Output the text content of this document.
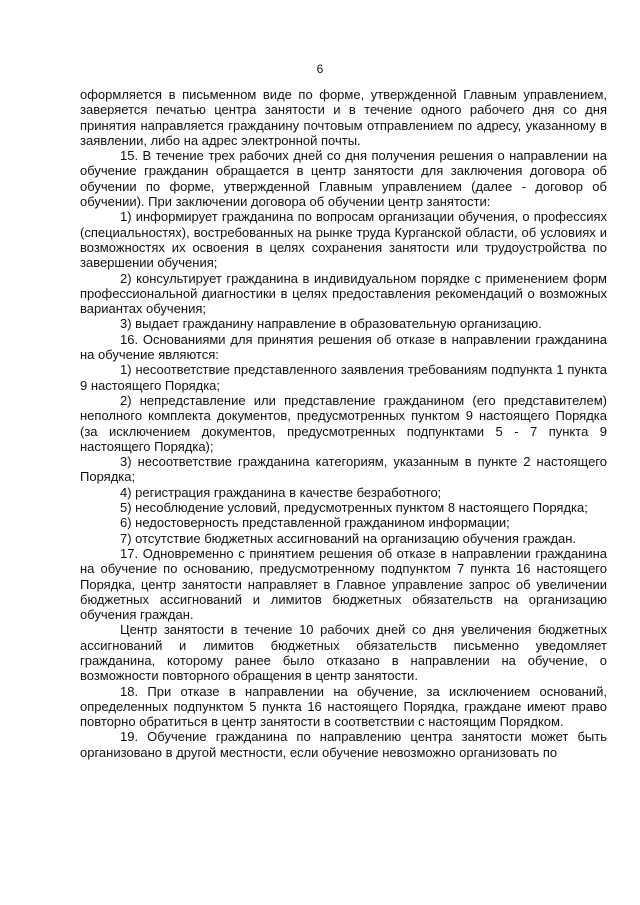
6

оформляется в письменном виде по форме, утвержденной Главным управлением, заверяется печатью центра занятости и в течение одного рабочего дня со дня принятия направляется гражданину почтовым отправлением по адресу, указанному в заявлении, либо на адрес электронной почты.

15. В течение трех рабочих дней со дня получения решения о направлении на обучение гражданин обращается в центр занятости для заключения договора об обучении по форме, утвержденной Главным управлением (далее - договор об обучении). При заключении договора об обучении центр занятости:

1) информирует гражданина по вопросам организации обучения, о профессиях (специальностях), востребованных на рынке труда Курганской области, об условиях и возможностях их освоения в целях сохранения занятости или трудоустройства по завершении обучения;

2) консультирует гражданина в индивидуальном порядке с применением форм профессиональной диагностики в целях предоставления рекомендаций о возможных вариантах обучения;

3) выдает гражданину направление в образовательную организацию.

16. Основаниями для принятия решения об отказе в направлении гражданина на обучение являются:

1) несоответствие представленного заявления требованиям подпункта 1 пункта 9 настоящего Порядка;

2) непредставление или представление гражданином (его представителем) неполного комплекта документов, предусмотренных пунктом 9 настоящего Порядка (за исключением документов, предусмотренных подпунктами 5 - 7 пункта 9 настоящего Порядка);

3) несоответствие гражданина категориям, указанным в пункте 2 настоящего Порядка;

4) регистрация гражданина в качестве безработного;

5) несоблюдение условий, предусмотренных пунктом 8 настоящего Порядка;

6) недостоверность представленной гражданином информации;

7) отсутствие бюджетных ассигнований на организацию обучения граждан.

17. Одновременно с принятием решения об отказе в направлении гражданина на обучение по основанию, предусмотренному подпунктом 7 пункта 16 настоящего Порядка, центр занятости направляет в Главное управление запрос об увеличении бюджетных ассигнований и лимитов бюджетных обязательств на организацию обучения граждан.

Центр занятости в течение 10 рабочих дней со дня увеличения бюджетных ассигнований и лимитов бюджетных обязательств письменно уведомляет гражданина, которому ранее было отказано в направлении на обучение, о возможности повторного обращения в центр занятости.

18. При отказе в направлении на обучение, за исключением оснований, определенных подпунктом 5 пункта 16 настоящего Порядка, граждане имеют право повторно обратиться в центр занятости в соответствии с настоящим Порядком.

19. Обучение гражданина по направлению центра занятости может быть организовано в другой местности, если обучение невозможно организовать по
